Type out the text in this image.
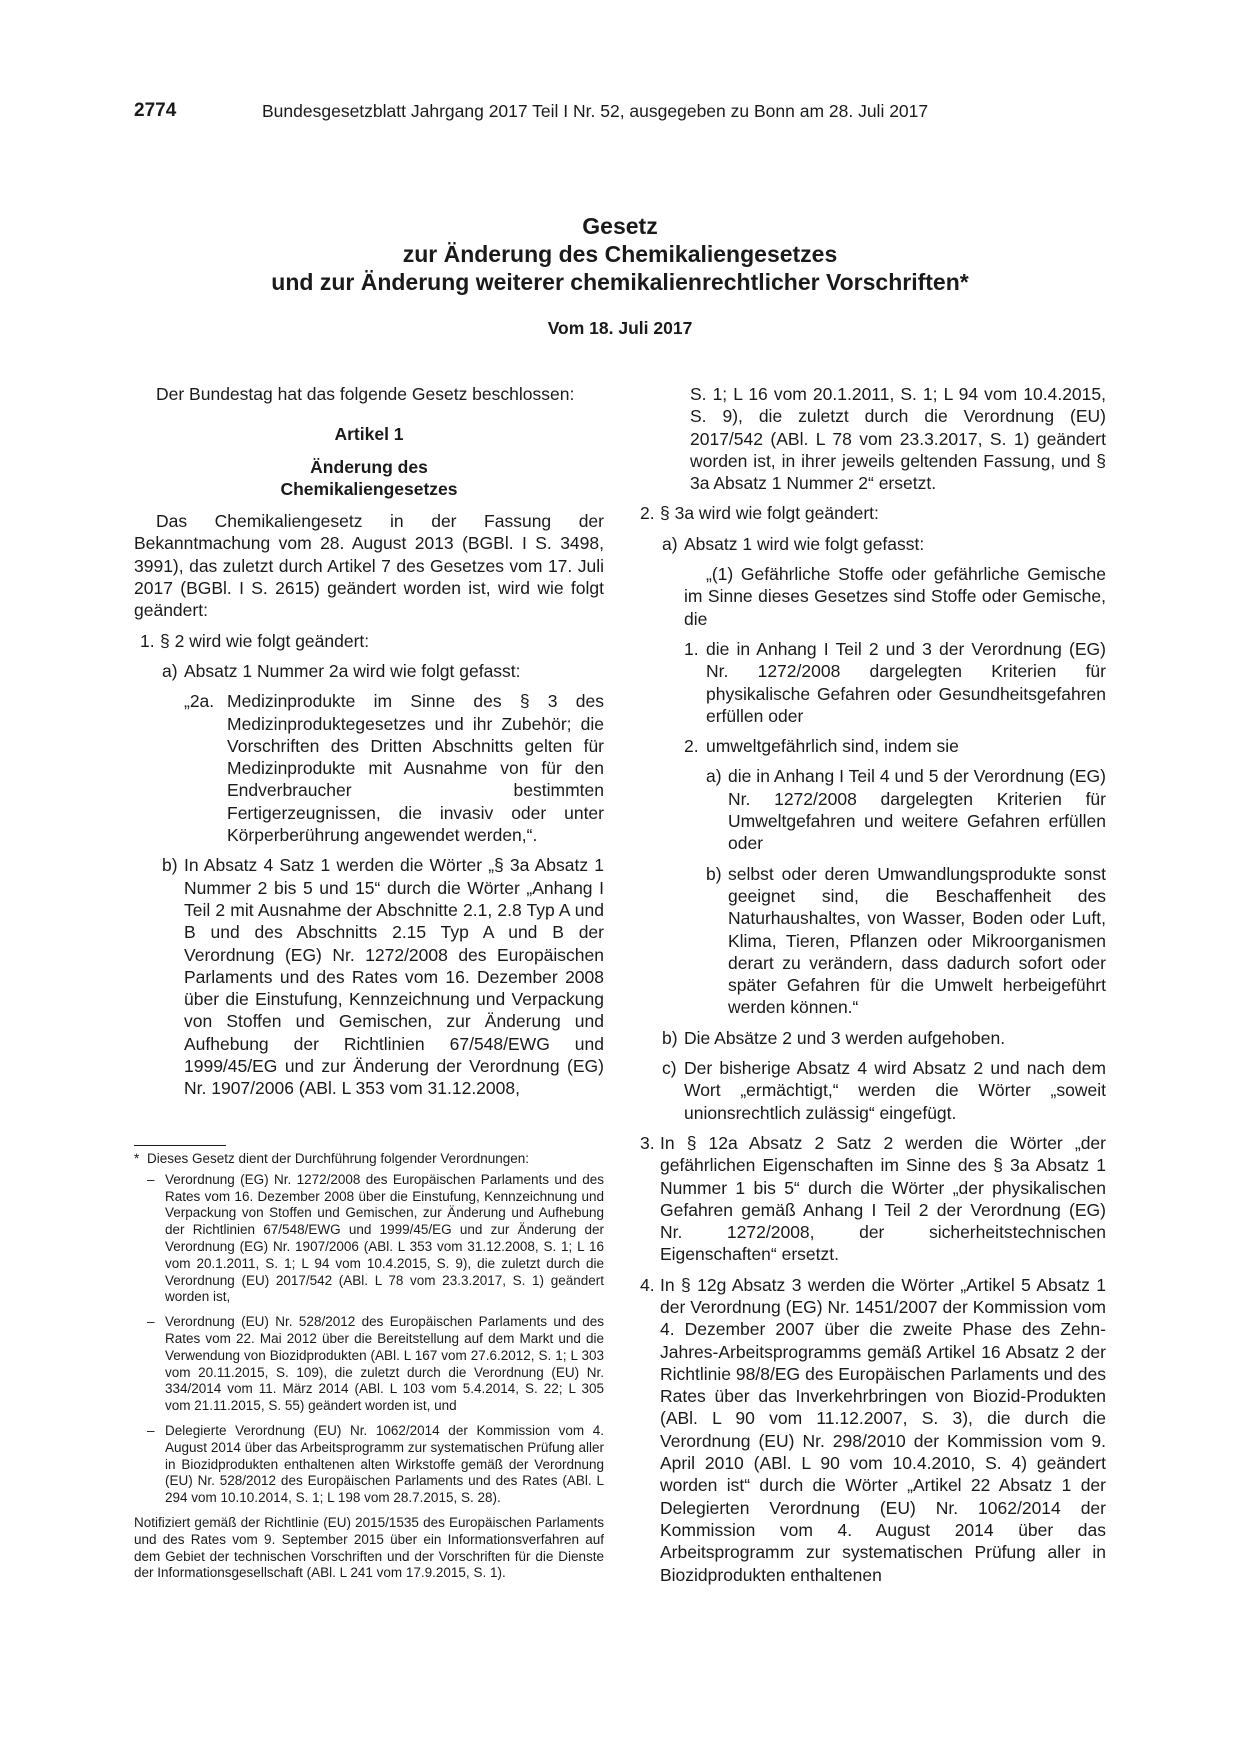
2774	Bundesgesetzblatt Jahrgang 2017 Teil I Nr. 52, ausgegeben zu Bonn am 28. Juli 2017
Gesetz
zur Änderung des Chemikaliengesetzes
und zur Änderung weiterer chemikalienrechtlicher Vorschriften*
Vom 18. Juli 2017

Der Bundestag hat das folgende Gesetz beschlossen:

Artikel 1

Änderung des

Chemikaliengesetzes

Das Chemikaliengesetz in der Fassung der Bekanntmachung vom 28. August 2013 (BGBl. I S. 3498, 3991), das zuletzt durch Artikel 7 des Gesetzes vom 17. Juli 2017 (BGBl. I S. 2615) geändert worden ist, wird wie folgt geändert:

1. § 2 wird wie folgt geändert:
a) Absatz 1 Nummer 2a wird wie folgt gefasst:
„2a. Medizinprodukte im Sinne des § 3 des Medizinproduktegesetzes und ihr Zubehör; die Vorschriften des Dritten Abschnitts gelten für Medizinprodukte mit Ausnahme von für den Endverbraucher bestimmten Fertigerzeugnissen, die invasiv oder unter Körperberührung angewendet werden,“.
b) In Absatz 4 Satz 1 werden die Wörter „§ 3a Absatz 1 Nummer 2 bis 5 und 15“ durch die Wörter „Anhang I Teil 2 mit Ausnahme der Abschnitte 2.1, 2.8 Typ A und B und des Abschnitts 2.15 Typ A und B der Verordnung (EG) Nr. 1272/2008 des Europäischen Parlaments und des Rates vom 16. Dezember 2008 über die Einstufung, Kennzeichnung und Verpackung von Stoffen und Gemischen, zur Änderung und Aufhebung der Richtlinien 67/548/EWG und 1999/45/EG und zur Änderung der Verordnung (EG) Nr. 1907/2006 (ABl. L 353 vom 31.12.2008,
* Dieses Gesetz dient der Durchführung folgender Verordnungen:
– Verordnung (EG) Nr. 1272/2008 des Europäischen Parlaments und des Rates vom 16. Dezember 2008 über die Einstufung, Kennzeichnung und Verpackung von Stoffen und Gemischen, zur Änderung und Aufhebung der Richtlinien 67/548/EWG und 1999/45/EG und zur Änderung der Verordnung (EG) Nr. 1907/2006 (ABl. L 353 vom 31.12.2008, S. 1; L 16 vom 20.1.2011, S. 1; L 94 vom 10.4.2015, S. 9), die zuletzt durch die Verordnung (EU) 2017/542 (ABl. L 78 vom 23.3.2017, S. 1) geändert worden ist,
– Verordnung (EU) Nr. 528/2012 des Europäischen Parlaments und des Rates vom 22. Mai 2012 über die Bereitstellung auf dem Markt und die Verwendung von Biozidprodukten (ABl. L 167 vom 27.6.2012, S. 1; L 303 vom 20.11.2015, S. 109), die zuletzt durch die Verordnung (EU) Nr. 334/2014 vom 11. März 2014 (ABl. L 103 vom 5.4.2014, S. 22; L 305 vom 21.11.2015, S. 55) geändert worden ist, und
– Delegierte Verordnung (EU) Nr. 1062/2014 der Kommission vom 4. August 2014 über das Arbeitsprogramm zur systematischen Prüfung aller in Biozidprodukten enthaltenen alten Wirkstoffe gemäß der Verordnung (EU) Nr. 528/2012 des Europäischen Parlaments und des Rates (ABl. L 294 vom 10.10.2014, S. 1; L 198 vom 28.7.2015, S. 28).

Notifiziert gemäß der Richtlinie (EU) 2015/1535 des Europäischen Parlaments und des Rates vom 9. September 2015 über ein Informationsverfahren auf dem Gebiet der technischen Vorschriften und der Vorschriften für die Dienste der Informationsgesellschaft (ABl. L 241 vom 17.9.2015, S. 1).

S. 1; L 16 vom 20.1.2011, S. 1; L 94 vom 10.4.2015, S. 9), die zuletzt durch die Verordnung (EU) 2017/542 (ABl. L 78 vom 23.3.2017, S. 1) geändert worden ist, in ihrer jeweils geltenden Fassung, und § 3a Absatz 1 Nummer 2“ ersetzt.

2. § 3a wird wie folgt geändert:
a) Absatz 1 wird wie folgt gefasst:

„(1) Gefährliche Stoffe oder gefährliche Gemische im Sinne dieses Gesetzes sind Stoffe oder Gemische, die

1. die in Anhang I Teil 2 und 3 der Verordnung (EG) Nr. 1272/2008 dargelegten Kriterien für physikalische Gefahren oder Gesundheitsgefahren erfüllen oder
2. umweltgefährlich sind, indem sie
a) die in Anhang I Teil 4 und 5 der Verordnung (EG) Nr. 1272/2008 dargelegten Kriterien für Umweltgefahren und weitere Gefahren erfüllen oder
b) selbst oder deren Umwandlungsprodukte sonst geeignet sind, die Beschaffenheit des Naturhaushaltes, von Wasser, Boden oder Luft, Klima, Tieren, Pflanzen oder Mikroorganismen derart zu verändern, dass dadurch sofort oder später Gefahren für die Umwelt herbeigeführt werden können.“
b) Die Absätze 2 und 3 werden aufgehoben.
c) Der bisherige Absatz 4 wird Absatz 2 und nach dem Wort „ermächtigt,“ werden die Wörter „soweit unionsrechtlich zulässig“ eingefügt.
3. In § 12a Absatz 2 Satz 2 werden die Wörter „der gefährlichen Eigenschaften im Sinne des § 3a Absatz 1 Nummer 1 bis 5“ durch die Wörter „der physikalischen Gefahren gemäß Anhang I Teil 2 der Verordnung (EG) Nr. 1272/2008, der sicherheitstechnischen Eigenschaften“ ersetzt.
4. In § 12g Absatz 3 werden die Wörter „Artikel 5 Absatz 1 der Verordnung (EG) Nr. 1451/2007 der Kommission vom 4. Dezember 2007 über die zweite Phase des Zehn-Jahres-Arbeitsprogramms gemäß Artikel 16 Absatz 2 der Richtlinie 98/8/EG des Europäischen Parlaments und des Rates über das Inverkehrbringen von Biozid-Produkten (ABl. L 90 vom 11.12.2007, S. 3), die durch die Verordnung (EU) Nr. 298/2010 der Kommission vom 9. April 2010 (ABl. L 90 vom 10.4.2010, S. 4) geändert worden ist“ durch die Wörter „Artikel 22 Absatz 1 der Delegierten Verordnung (EU) Nr. 1062/2014 der Kommission vom 4. August 2014 über das Arbeitsprogramm zur systematischen Prüfung aller in Biozidprodukten enthaltenen
